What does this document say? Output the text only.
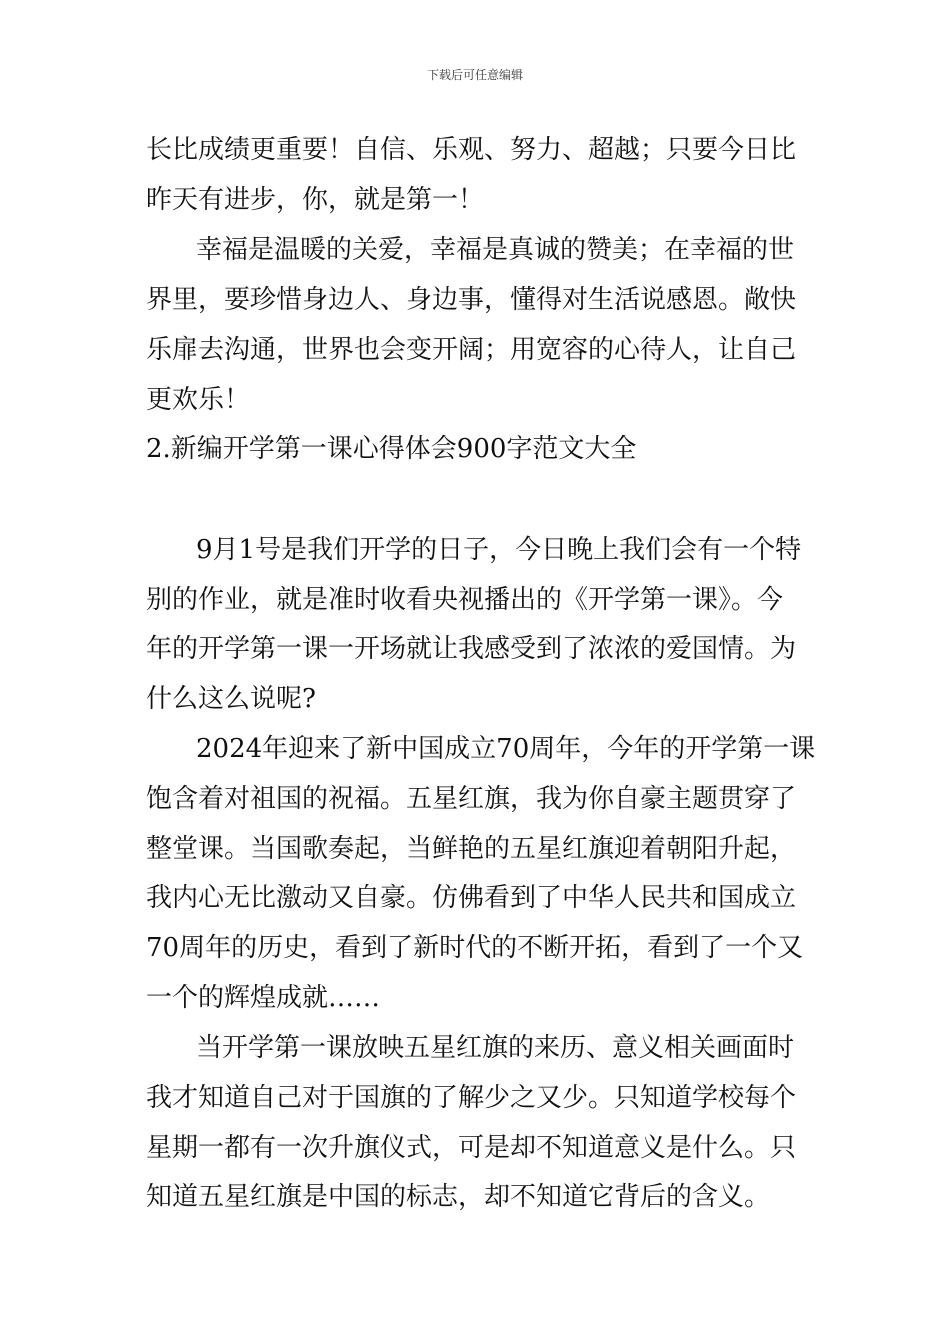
下载后可任意编辑
长比成绩更重要！自信、乐观、努力、超越；只要今日比
昨天有进步，你，就是第一！
幸福是温暖的关爱，幸福是真诚的赞美；在幸福的世
界里，要珍惜身边人、身边事，懂得对生活说感恩。敞快
乐扉去沟通，世界也会变开阔；用宽容的心待人，让自己
更欢乐！
2.新编开学第一课心得体会900字范文大全
9月1号是我们开学的日子，今日晚上我们会有一个特
别的作业，就是准时收看央视播出的《开学第一课》。今
年的开学第一课一开场就让我感受到了浓浓的爱国情。为
什么这么说呢?
2024年迎来了新中国成立70周年，今年的开学第一课
饱含着对祖国的祝福。五星红旗，我为你自豪主题贯穿了
整堂课。当国歌奏起，当鲜艳的五星红旗迎着朝阳升起，
我内心无比激动又自豪。仿佛看到了中华人民共和国成立
70周年的历史，看到了新时代的不断开拓，看到了一个又
一个的辉煌成就……
当开学第一课放映五星红旗的来历、意义相关画面时
我才知道自己对于国旗的了解少之又少。只知道学校每个
星期一都有一次升旗仪式，可是却不知道意义是什么。只
知道五星红旗是中国的标志，却不知道它背后的含义。
